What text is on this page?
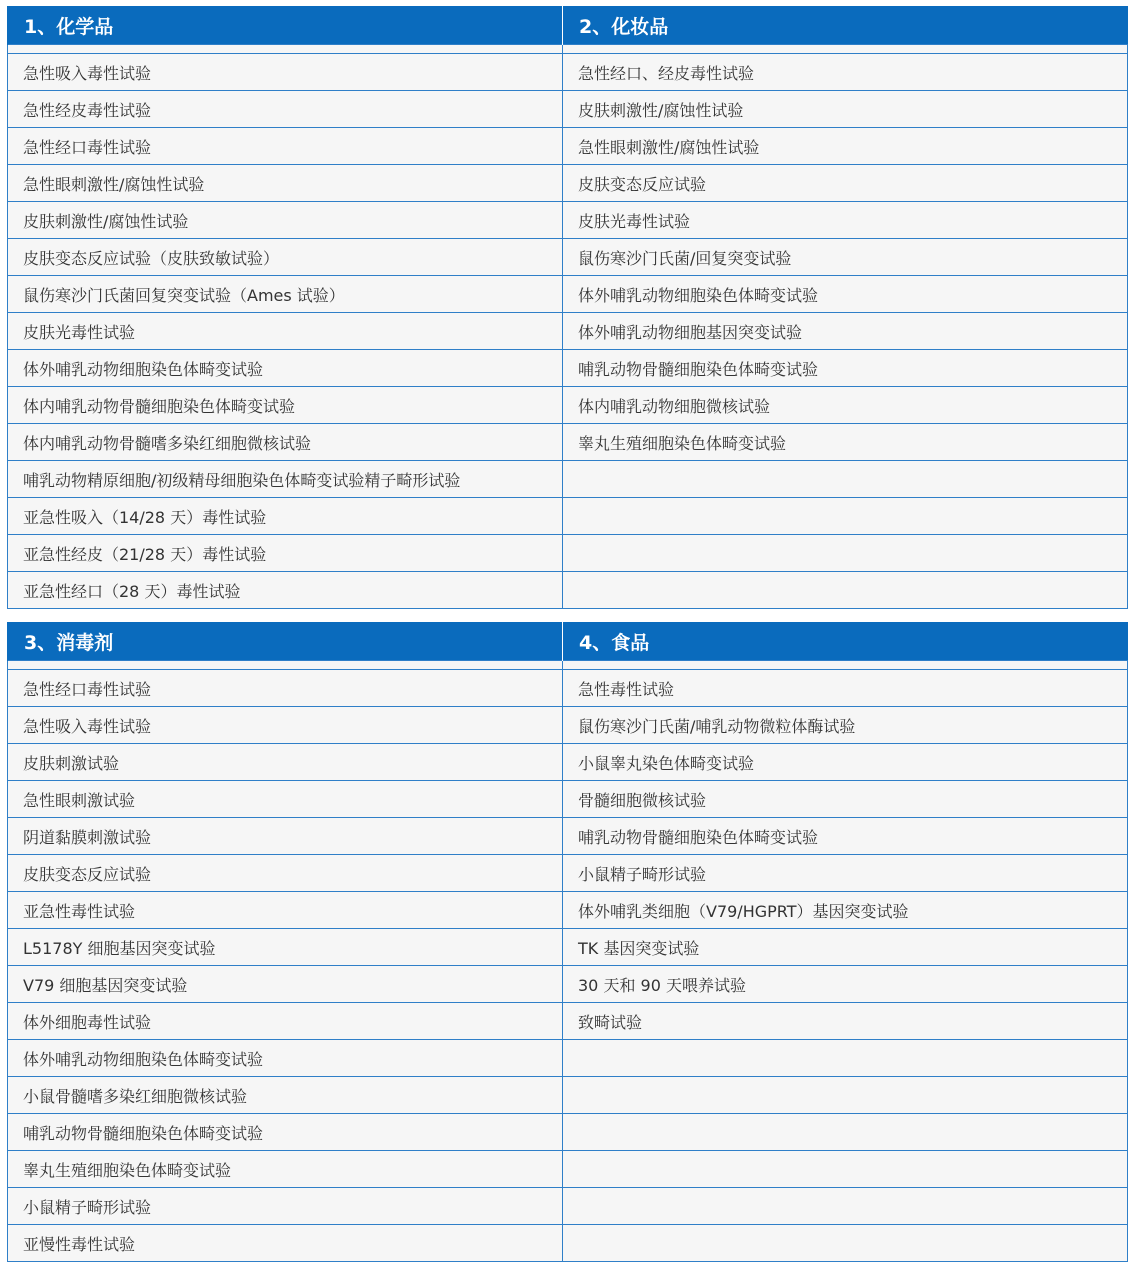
1、化学品	2、化妆品

急性吸入毒性试验	急性经口、经皮毒性试验
急性经皮毒性试验	皮肤刺激性/腐蚀性试验
急性经口毒性试验	急性眼刺激性/腐蚀性试验
急性眼刺激性/腐蚀性试验	皮肤变态反应试验
皮肤刺激性/腐蚀性试验	皮肤光毒性试验
皮肤变态反应试验（皮肤致敏试验）	鼠伤寒沙门氏菌/回复突变试验
鼠伤寒沙门氏菌回复突变试验（Ames 试验）	体外哺乳动物细胞染色体畸变试验
皮肤光毒性试验	体外哺乳动物细胞基因突变试验
体外哺乳动物细胞染色体畸变试验	哺乳动物骨髓细胞染色体畸变试验
体内哺乳动物骨髓细胞染色体畸变试验	体内哺乳动物细胞微核试验
体内哺乳动物骨髓嗜多染红细胞微核试验	睾丸生殖细胞染色体畸变试验
哺乳动物精原细胞/初级精母细胞染色体畸变试验精子畸形试验	
亚急性吸入（14/28 天）毒性试验	
亚急性经皮（21/28 天）毒性试验	
亚急性经口（28 天）毒性试验	
3、消毒剂	4、食品

急性经口毒性试验	急性毒性试验
急性吸入毒性试验	鼠伤寒沙门氏菌/哺乳动物微粒体酶试验
皮肤刺激试验	小鼠睾丸染色体畸变试验
急性眼刺激试验	骨髓细胞微核试验
阴道黏膜刺激试验	哺乳动物骨髓细胞染色体畸变试验
皮肤变态反应试验	小鼠精子畸形试验
亚急性毒性试验	体外哺乳类细胞（V79/HGPRT）基因突变试验
L5178Y 细胞基因突变试验	TK 基因突变试验
V79 细胞基因突变试验	30 天和 90 天喂养试验
体外细胞毒性试验	致畸试验
体外哺乳动物细胞染色体畸变试验	
小鼠骨髓嗜多染红细胞微核试验	
哺乳动物骨髓细胞染色体畸变试验	
睾丸生殖细胞染色体畸变试验	
小鼠精子畸形试验	
亚慢性毒性试验	
